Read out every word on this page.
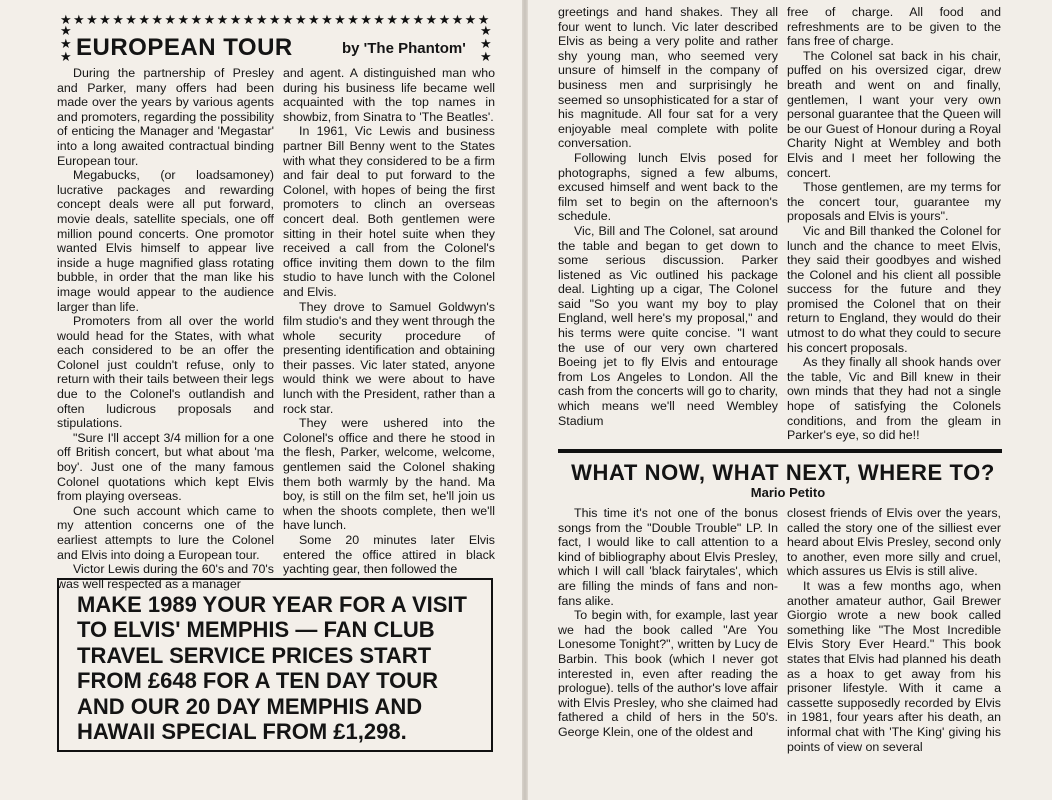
★★★★★★★★★★★★★★★★★★★★★★★★★★★★★★★★★
★★★
★★★
EUROPEAN TOUR	by 'The Phantom'

During the partnership of Presley and Parker, many offers had been made over the years by various agents and promoters, regarding the possibility of enticing the Manager and 'Megastar' into a long awaited contractual binding European tour.

Megabucks, (or loadsamoney) lucrative packages and rewarding concept deals were all put forward, movie deals, satellite specials, one off million pound concerts. One promotor wanted Elvis himself to appear live inside a huge magnified glass rotating bubble, in order that the man like his image would appear to the audience larger than life.

Promoters from all over the world would head for the States, with what each considered to be an offer the Colonel just couldn't refuse, only to return with their tails between their legs due to the Colonel's outlandish and often ludicrous proposals and stipulations.

"Sure I'll accept 3/4 million for a one off British concert, but what about 'ma boy'. Just one of the many famous Colonel quotations which kept Elvis from playing overseas.

One such account which came to my attention concerns one of the earliest attempts to lure the Colonel and Elvis into doing a European tour.

Victor Lewis during the 60's and 70's was well respected as a manager

and agent. A distinguished man who during his business life became well acquainted with the top names in showbiz, from Sinatra to 'The Beatles'.

In 1961, Vic Lewis and business partner Bill Benny went to the States with what they considered to be a firm and fair deal to put forward to the Colonel, with hopes of being the first promoters to clinch an overseas concert deal. Both gentlemen were sitting in their hotel suite when they received a call from the Colonel's office inviting them down to the film studio to have lunch with the Colonel and Elvis.

They drove to Samuel Goldwyn's film studio's and they went through the whole security procedure of presenting identification and obtaining their passes. Vic later stated, anyone would think we were about to have lunch with the President, rather than a rock star.

They were ushered into the Colonel's office and there he stood in the flesh, Parker, welcome, welcome, gentlemen said the Colonel shaking them both warmly by the hand. Ma boy, is still on the film set, he'll join us when the shoots complete, then we'll have lunch.

Some 20 minutes later Elvis entered the office attired in black yachting gear, then followed the

MAKE 1989 YOUR YEAR FOR A VISIT TO ELVIS' MEMPHIS — FAN CLUB TRAVEL SERVICE PRICES START FROM £648 FOR A TEN DAY TOUR AND OUR 20 DAY MEMPHIS AND HAWAII SPECIAL FROM £1,298.

greetings and hand shakes. They all four went to lunch. Vic later described Elvis as being a very polite and rather shy young man, who seemed very unsure of himself in the company of business men and surprisingly he seemed so unsophisticated for a star of his magnitude. All four sat for a very enjoyable meal complete with polite conversation.

Following lunch Elvis posed for photographs, signed a few albums, excused himself and went back to the film set to begin on the afternoon's schedule.

Vic, Bill and The Colonel, sat around the table and began to get down to some serious discussion. Parker listened as Vic outlined his package deal. Lighting up a cigar, The Colonel said "So you want my boy to play England, well here's my proposal," and his terms were quite concise. "I want the use of our very own chartered Boeing jet to fly Elvis and entourage from Los Angeles to London. All the cash from the concerts will go to charity, which means we'll need Wembley Stadium

free of charge. All food and refreshments are to be given to the fans free of charge.

The Colonel sat back in his chair, puffed on his oversized cigar, drew breath and went on and finally, gentlemen, I want your very own personal guarantee that the Queen will be our Guest of Honour during a Royal Charity Night at Wembley and both Elvis and I meet her following the concert.

Those gentlemen, are my terms for the concert tour, guarantee my proposals and Elvis is yours".

Vic and Bill thanked the Colonel for lunch and the chance to meet Elvis, they said their goodbyes and wished the Colonel and his client all possible success for the future and they promised the Colonel that on their return to England, they would do their utmost to do what they could to secure his concert proposals.

As they finally all shook hands over the table, Vic and Bill knew in their own minds that they had not a single hope of satisfying the Colonels conditions, and from the gleam in Parker's eye, so did he!!

WHAT NOW, WHAT NEXT, WHERE TO?
Mario Petito

This time it's not one of the bonus songs from the "Double Trouble" LP. In fact, I would like to call attention to a kind of bibliography about Elvis Presley, which I will call 'black fairytales', which are filling the minds of fans and non-fans alike.

To begin with, for example, last year we had the book called "Are You Lonesome Tonight?", written by Lucy de Barbin. This book (which I never got interested in, even after reading the prologue). tells of the author's love affair with Elvis Presley, who she claimed had fathered a child of hers in the 50's. George Klein, one of the oldest and

closest friends of Elvis over the years, called the story one of the silliest ever heard about Elvis Presley, second only to another, even more silly and cruel, which assures us Elvis is still alive.

It was a few months ago, when another amateur author, Gail Brewer Giorgio wrote a new book called something like "The Most Incredible Elvis Story Ever Heard." This book states that Elvis had planned his death as a hoax to get away from his prisoner lifestyle. With it came a cassette supposedly recorded by Elvis in 1981, four years after his death, an informal chat with 'The King' giving his points of view on several
